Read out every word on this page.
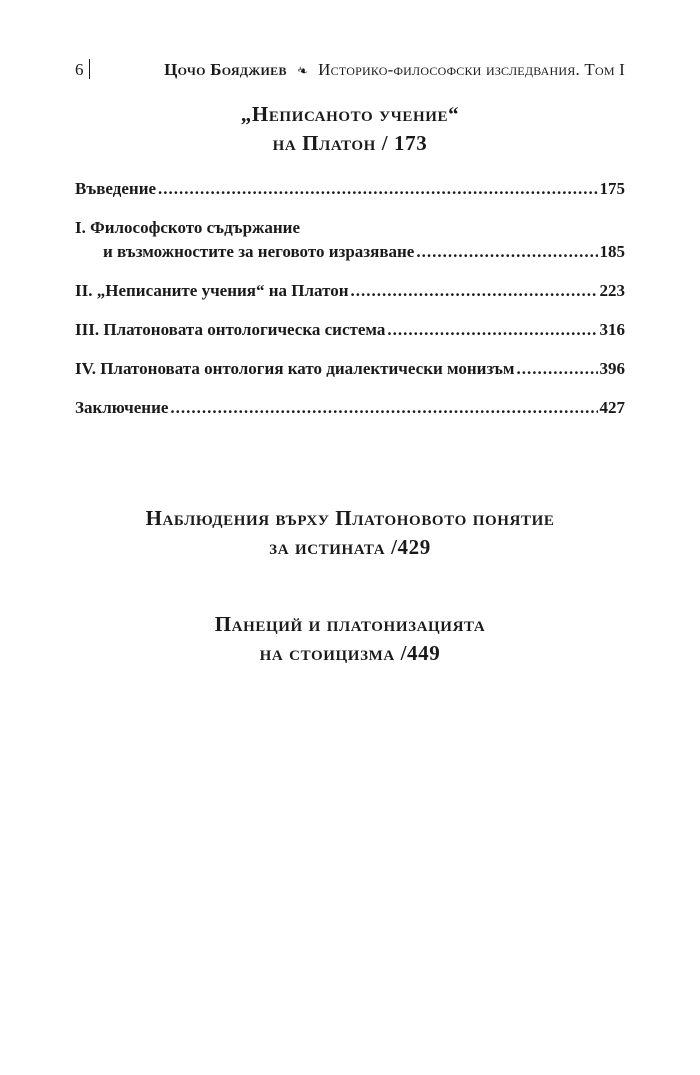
6	Цочо Бояджиев ❧ Историко-философски изследвания. Том I
„Неписаното учение“
на Платон / 173
Въведение .....	175
I. Философското съдържание
и възможностите за неговото изразяване .....	185
II. „Неписаните учения“ на Платон .....	223
III. Платоновата онтологическа система .....	316
IV. Платоновата онтология като диалектически монизъм .....	396
Заключение .....	427
Наблюдения върху Платоновото понятие
за истината /429
Панеций и платонизацията
на стоицизма /449
